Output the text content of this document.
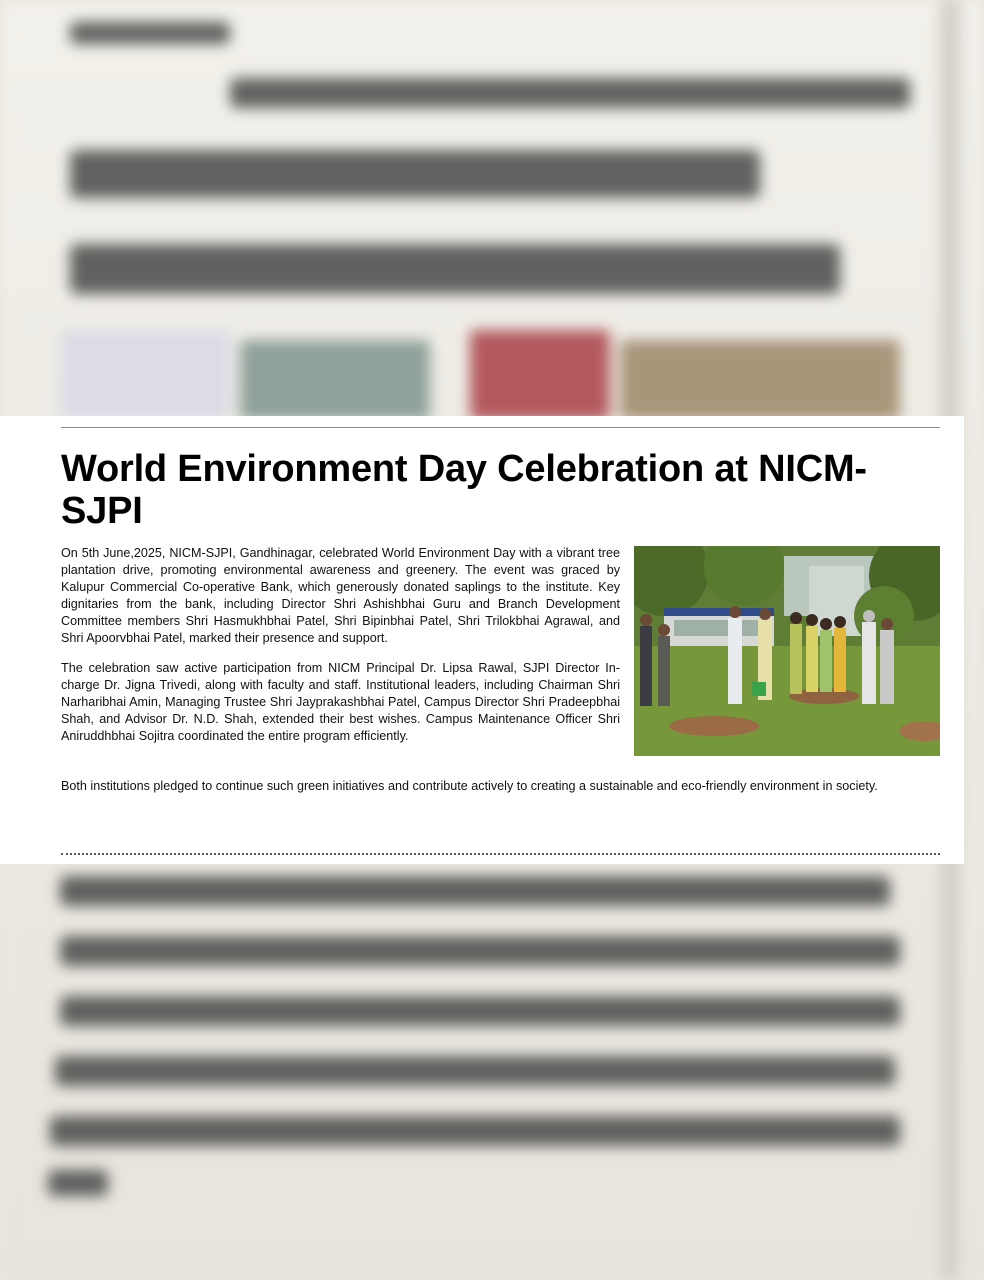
World Environment Day Celebration at NICM-SJPI

On 5th June,2025, NICM-SJPI, Gandhinagar, celebrated World Environment Day with a vibrant tree plantation drive, promoting environmental awareness and greenery. The event was graced by Kalupur Commercial Co-operative Bank, which generously donated saplings to the institute. Key dignitaries from the bank, including Director Shri Ashishbhai Guru and Branch Development Committee members Shri Hasmukhbhai Patel, Shri Bipinbhai Patel, Shri Trilokbhai Agrawal, and Shri Apoorvbhai Patel, marked their presence and support.

The celebration saw active participation from NICM Principal Dr. Lipsa Rawal, SJPI Director In-charge Dr. Jigna Trivedi, along with faculty and staff. Institutional leaders, including Chairman Shri Narharibhai Amin, Managing Trustee Shri Jayprakashbhai Patel, Campus Director Shri Pradeepbhai Shah, and Advisor Dr. N.D. Shah, extended their best wishes. Campus Maintenance Officer Shri Aniruddhbhai Sojitra coordinated the entire program efficiently.

Both institutions pledged to continue such green initiatives and contribute actively to creating a sustainable and eco-friendly environment in society.
